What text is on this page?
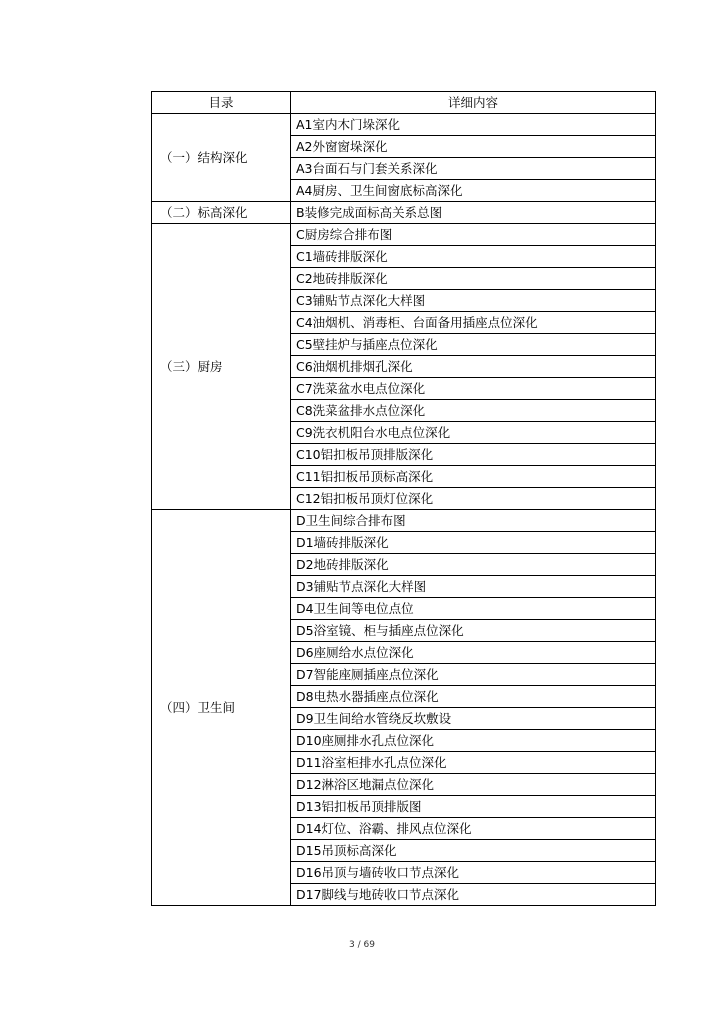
目录	详细内容
（一）结构深化	A1室内木门垛深化
	A2外窗窗垛深化
	A3台面石与门套关系深化
	A4厨房、卫生间窗底标高深化
（二）标高深化	B装修完成面标高关系总图
（三）厨房	C厨房综合排布图
	C1墙砖排版深化
	C2地砖排版深化
	C3铺贴节点深化大样图
	C4油烟机、消毒柜、台面备用插座点位深化
	C5壁挂炉与插座点位深化
	C6油烟机排烟孔深化
	C7洗菜盆水电点位深化
	C8洗菜盆排水点位深化
	C9洗衣机阳台水电点位深化
	C10铝扣板吊顶排版深化
	C11铝扣板吊顶标高深化
	C12铝扣板吊顶灯位深化
（四）卫生间	D卫生间综合排布图
	D1墙砖排版深化
	D2地砖排版深化
	D3铺贴节点深化大样图
	D4卫生间等电位点位
	D5浴室镜、柜与插座点位深化
	D6座厕给水点位深化
	D7智能座厕插座点位深化
	D8电热水器插座点位深化
	D9卫生间给水管绕反坎敷设
	D10座厕排水孔点位深化
	D11浴室柜排水孔点位深化
	D12淋浴区地漏点位深化
	D13铝扣板吊顶排版图
	D14灯位、浴霸、排风点位深化
	D15吊顶标高深化
	D16吊顶与墙砖收口节点深化
	D17脚线与地砖收口节点深化
3 / 69
